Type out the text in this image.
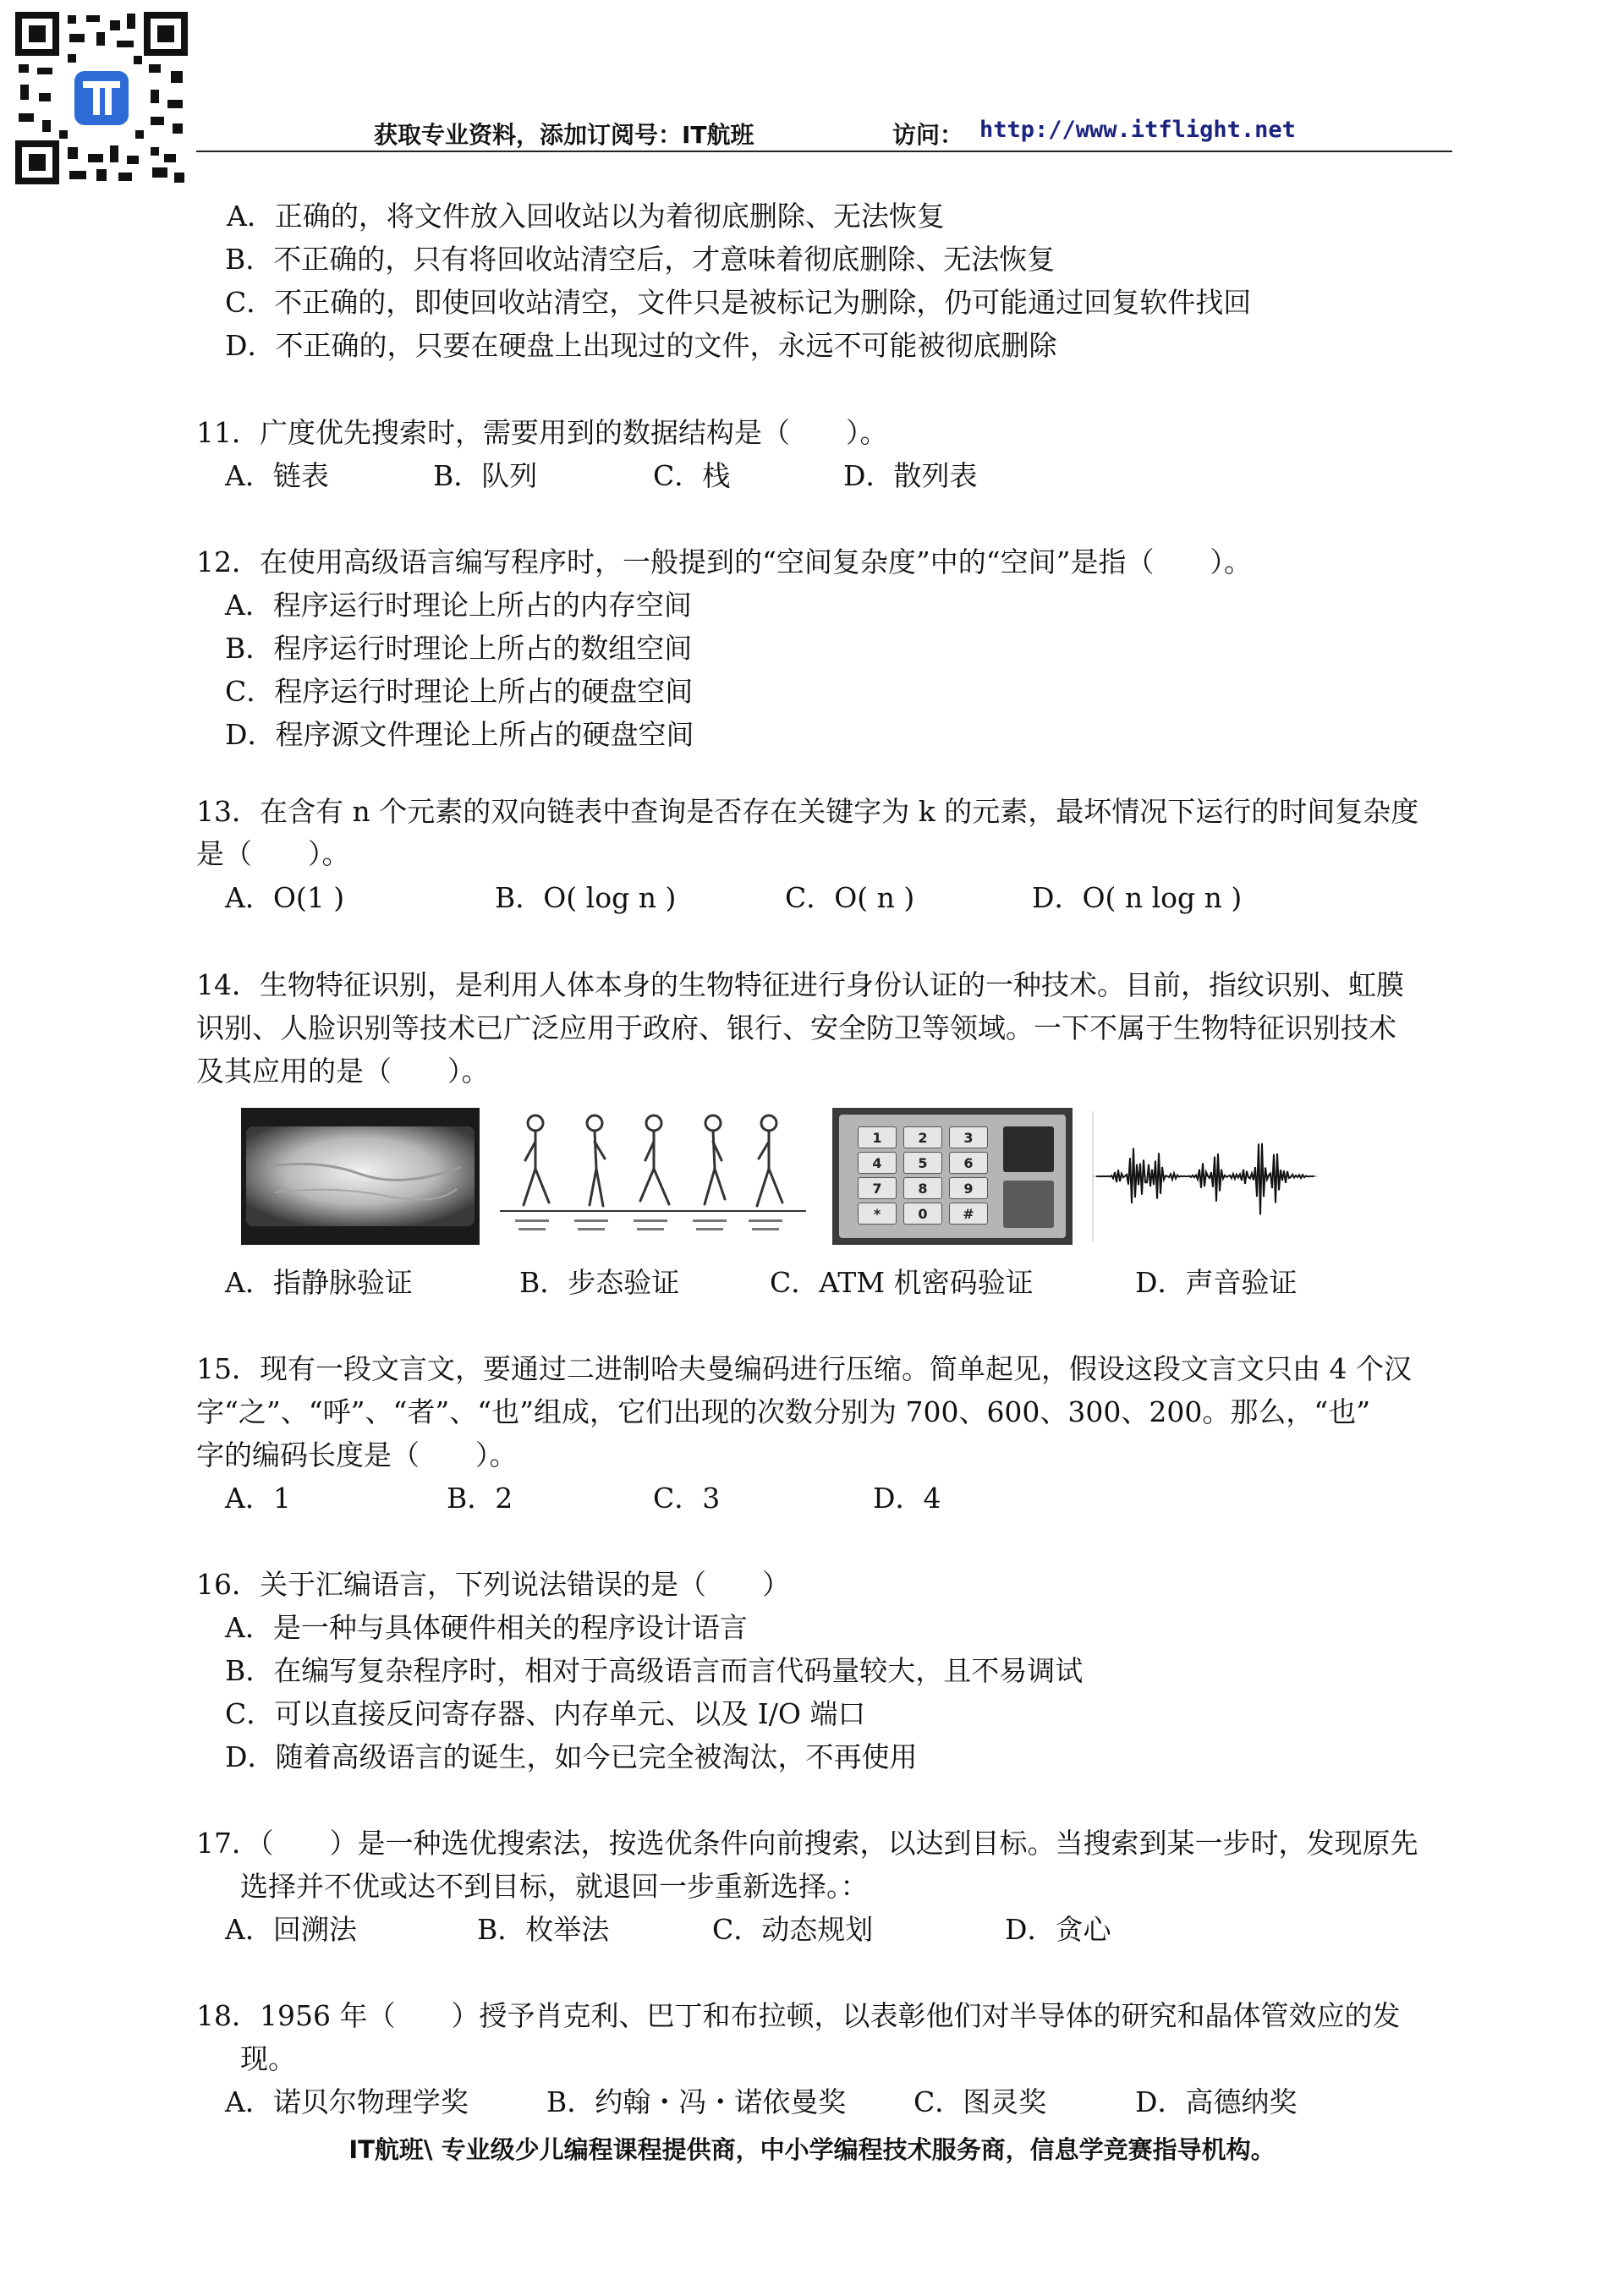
获取专业资料，添加订阅号：IT航班	访问： http://www.itflight.net
A．正确的，将文件放入回收站以为着彻底删除、无法恢复
B．不正确的，只有将回收站清空后，才意味着彻底删除、无法恢复
C．不正确的，即使回收站清空，文件只是被标记为删除，仍可能通过回复软件找回
D．不正确的，只要在硬盘上出现过的文件，永远不可能被彻底删除
11．广度优先搜索时，需要用到的数据结构是（　　）。
A．链表	B．队列	C．栈	D．散列表
12．在使用高级语言编写程序时，一般提到的“空间复杂度”中的“空间”是指（　　）。
A．程序运行时理论上所占的内存空间
B．程序运行时理论上所占的数组空间
C．程序运行时理论上所占的硬盘空间
D．程序源文件理论上所占的硬盘空间
13．在含有 n 个元素的双向链表中查询是否存在关键字为 k 的元素，最坏情况下运行的时间复杂度
是（　　）。
A．O(1 )	B．O( log n )	C．O( n )	D．O( n log n )
14．生物特征识别，是利用人体本身的生物特征进行身份认证的一种技术。目前，指纹识别、虹膜
识别、人脸识别等技术已广泛应用于政府、银行、安全防卫等领域。一下不属于生物特征识别技术
及其应用的是（　　）。
1	2	3
4	5	6
7	8	9
*	0	#
A．指静脉验证	B．步态验证	C．ATM 机密码验证	D．声音验证
15．现有一段文言文，要通过二进制哈夫曼编码进行压缩。简单起见，假设这段文言文只由 4 个汉
字“之”、“呼”、“者”、“也”组成，它们出现的次数分别为 700、600、300、200。那么，“也”
字的编码长度是（　　）。
A．1	B．2	C．3	D．4
16．关于汇编语言，下列说法错误的是（　　）
A．是一种与具体硬件相关的程序设计语言
B．在编写复杂程序时，相对于高级语言而言代码量较大，且不易调试
C．可以直接反问寄存器、内存单元、以及 I/O 端口
D．随着高级语言的诞生，如今已完全被淘汰，不再使用
17．（　　）是一种选优搜索法，按选优条件向前搜索，以达到目标。当搜索到某一步时，发现原先
选择并不优或达不到目标，就退回一步重新选择。：
A．回溯法	B．枚举法	C．动态规划	D．贪心
18．1956 年（　　）授予肖克利、巴丁和布拉顿，以表彰他们对半导体的研究和晶体管效应的发
现。
A．诺贝尔物理学奖	B．约翰・冯・诺依曼奖 C．图灵奖	D．高德纳奖
IT航班\ 专业级少儿编程课程提供商，中小学编程技术服务商，信息学竞赛指导机构。
